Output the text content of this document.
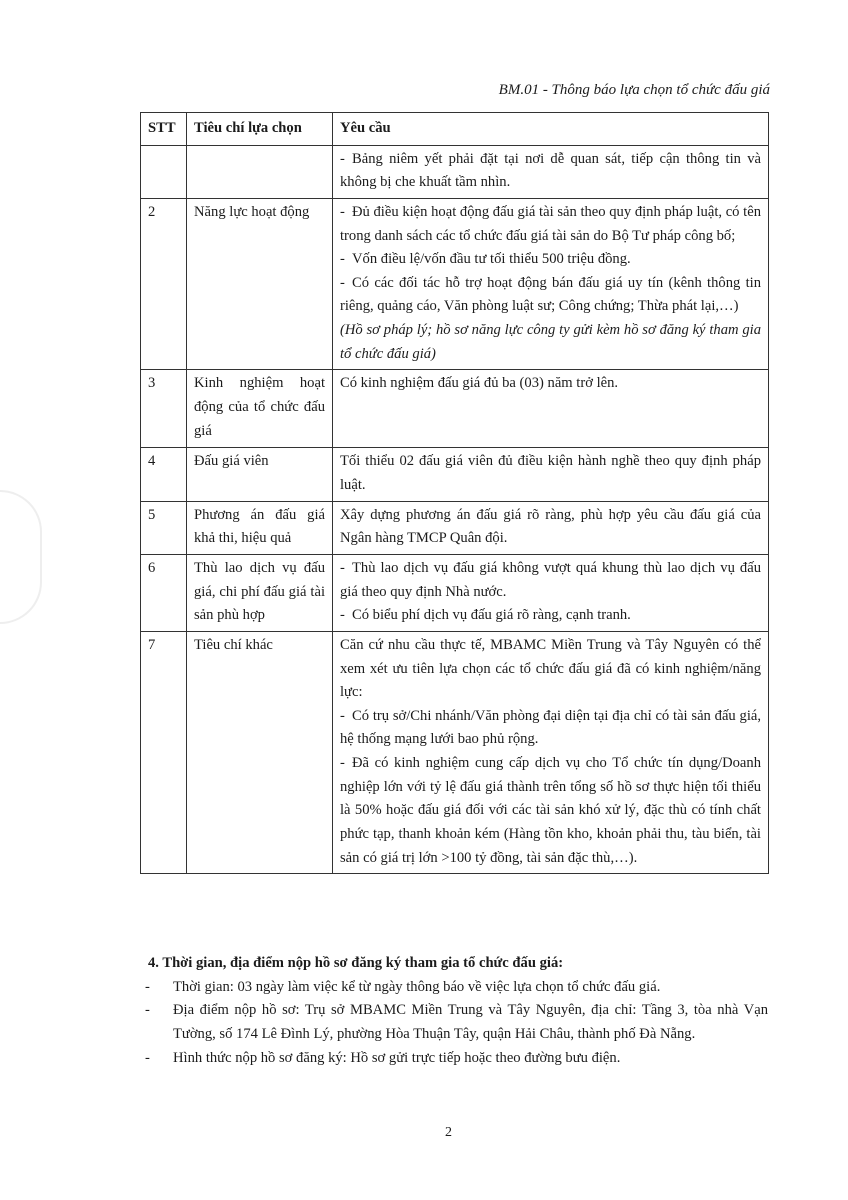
BM.01 - Thông báo lựa chọn tổ chức đấu giá
STT	Tiêu chí lựa chọn	Yêu cầu

		- Bảng niêm yết phải đặt tại nơi dễ quan sát, tiếp cận thông tin và không bị che khuất tầm nhìn.

2	Năng lực hoạt động	- Đủ điều kiện hoạt động đấu giá tài sản theo quy định pháp luật, có tên trong danh sách các tổ chức đấu giá tài sản do Bộ Tư pháp công bố;
- Vốn điều lệ/vốn đầu tư tối thiểu 500 triệu đồng.
- Có các đối tác hỗ trợ hoạt động bán đấu giá uy tín (kênh thông tin riêng, quảng cáo, Văn phòng luật sư; Công chứng; Thừa phát lại,…)
(Hồ sơ pháp lý; hồ sơ năng lực công ty gửi kèm hồ sơ đăng ký tham gia tổ chức đấu giá)

3	Kinh nghiệm hoạt động của tổ chức đấu giá	Có kinh nghiệm đấu giá đủ ba (03) năm trở lên.
4	Đấu giá viên	Tối thiểu 02 đấu giá viên đủ điều kiện hành nghề theo quy định pháp luật.
5	Phương án đấu giá khả thi, hiệu quả	Xây dựng phương án đấu giá rõ ràng, phù hợp yêu cầu đấu giá của Ngân hàng TMCP Quân đội.
6	Thù lao dịch vụ đấu giá, chi phí đấu giá tài sản phù hợp	- Thù lao dịch vụ đấu giá không vượt quá khung thù lao dịch vụ đấu giá theo quy định Nhà nước.
- Có biểu phí dịch vụ đấu giá rõ ràng, cạnh tranh.

7	Tiêu chí khác	Căn cứ nhu cầu thực tế, MBAMC Miền Trung và Tây Nguyên có thể xem xét ưu tiên lựa chọn các tổ chức đấu giá đã có kinh nghiệm/năng lực:
- Có trụ sở/Chi nhánh/Văn phòng đại diện tại địa chỉ có tài sản đấu giá, hệ thống mạng lưới bao phủ rộng.
- Đã có kinh nghiệm cung cấp dịch vụ cho Tổ chức tín dụng/Doanh nghiệp lớn với tỷ lệ đấu giá thành trên tổng số hồ sơ thực hiện tối thiểu là 50% hoặc đấu giá đối với các tài sản khó xử lý, đặc thù có tính chất phức tạp, thanh khoản kém (Hàng tồn kho, khoản phải thu, tàu biển, tài sản có giá trị lớn >100 tỷ đồng, tài sản đặc thù,…).
4. Thời gian, địa điểm nộp hồ sơ đăng ký tham gia tổ chức đấu giá:
- Thời gian: 03 ngày làm việc kể từ ngày thông báo về việc lựa chọn tổ chức đấu giá.
- Địa điểm nộp hồ sơ: Trụ sở MBAMC Miền Trung và Tây Nguyên, địa chỉ: Tầng 3, tòa nhà Vạn Tường, số 174 Lê Đình Lý, phường Hòa Thuận Tây, quận Hải Châu, thành phố Đà Nẵng.
- Hình thức nộp hồ sơ đăng ký: Hồ sơ gửi trực tiếp hoặc theo đường bưu điện.
2
